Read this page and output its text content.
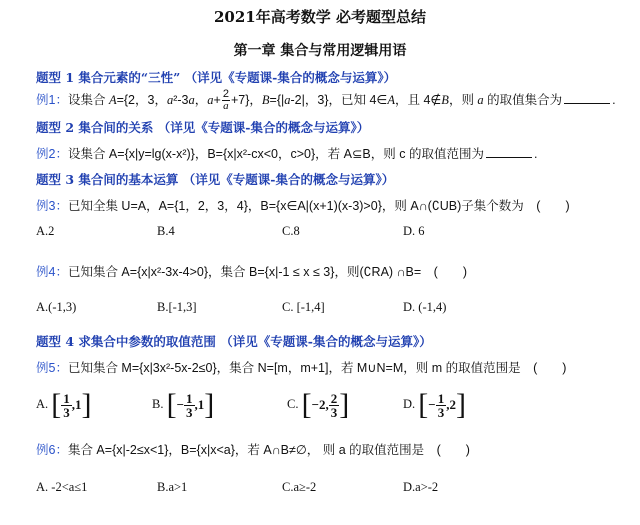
2021年高考数学 必考题型总结
第一章 集合与常用逻辑用语
题型 1 集合元素的“三性” （详见《专题课-集合的概念与运算》）
例1：设集合 A={2，3，a²-3a，$a+ \frac{2}{a} +7$}，B={|a-2|，3}，已知 4∈A，且 4∉B，则 a 的取值集合为	.
题型 2 集合间的关系 （详见《专题课-集合的概念与运算》）
例2：设集合 A={x|y=lg(x-x²)}，B={x|x²-cx<0，c>0}，若 A⊆B，则 c 的取值范围为	.
题型 3 集合间的基本运算 （详见《专题课-集合的概念与运算》）
例3：已知全集 U=A，A={1，2，3，4}，B={x∈A|(x+1)(x-3)>0}，则 A∩(∁UB)子集个数为　(　　)
A.2	B.4	C.8	D. 6
例4：已知集合 A={x|x²-3x-4>0}，集合 B={x|-1 ≤ x ≤ 3}，则(∁RA) ∩B=　(　　)
A.(-1,3)	B.[-1,3]	C. [-1,4]	D. (-1,4)
题型 4 求集合中参数的取值范围 （详见《专题课-集合的概念与运算》）
例5：已知集合 M={x|3x²-5x-2≤0}，集合 N=[m，m+1]，若 M∪N=M，则 m 的取值范围是　(　　)
A. [ $\frac{1}{3} ,1$]	B. [− $\frac{1}{3} ,1$]	C. [−2, $\frac{2}{3}$ ]	D. [− $\frac{1}{3} ,2$]
例6：集合 A={x|-2≤x<1}，B={x|x<a}，若 A∩B≠∅， 则 a 的取值范围是　(　　)
A. -2<a≤1	B.a>1	C.a≥-2	D.a>-2
